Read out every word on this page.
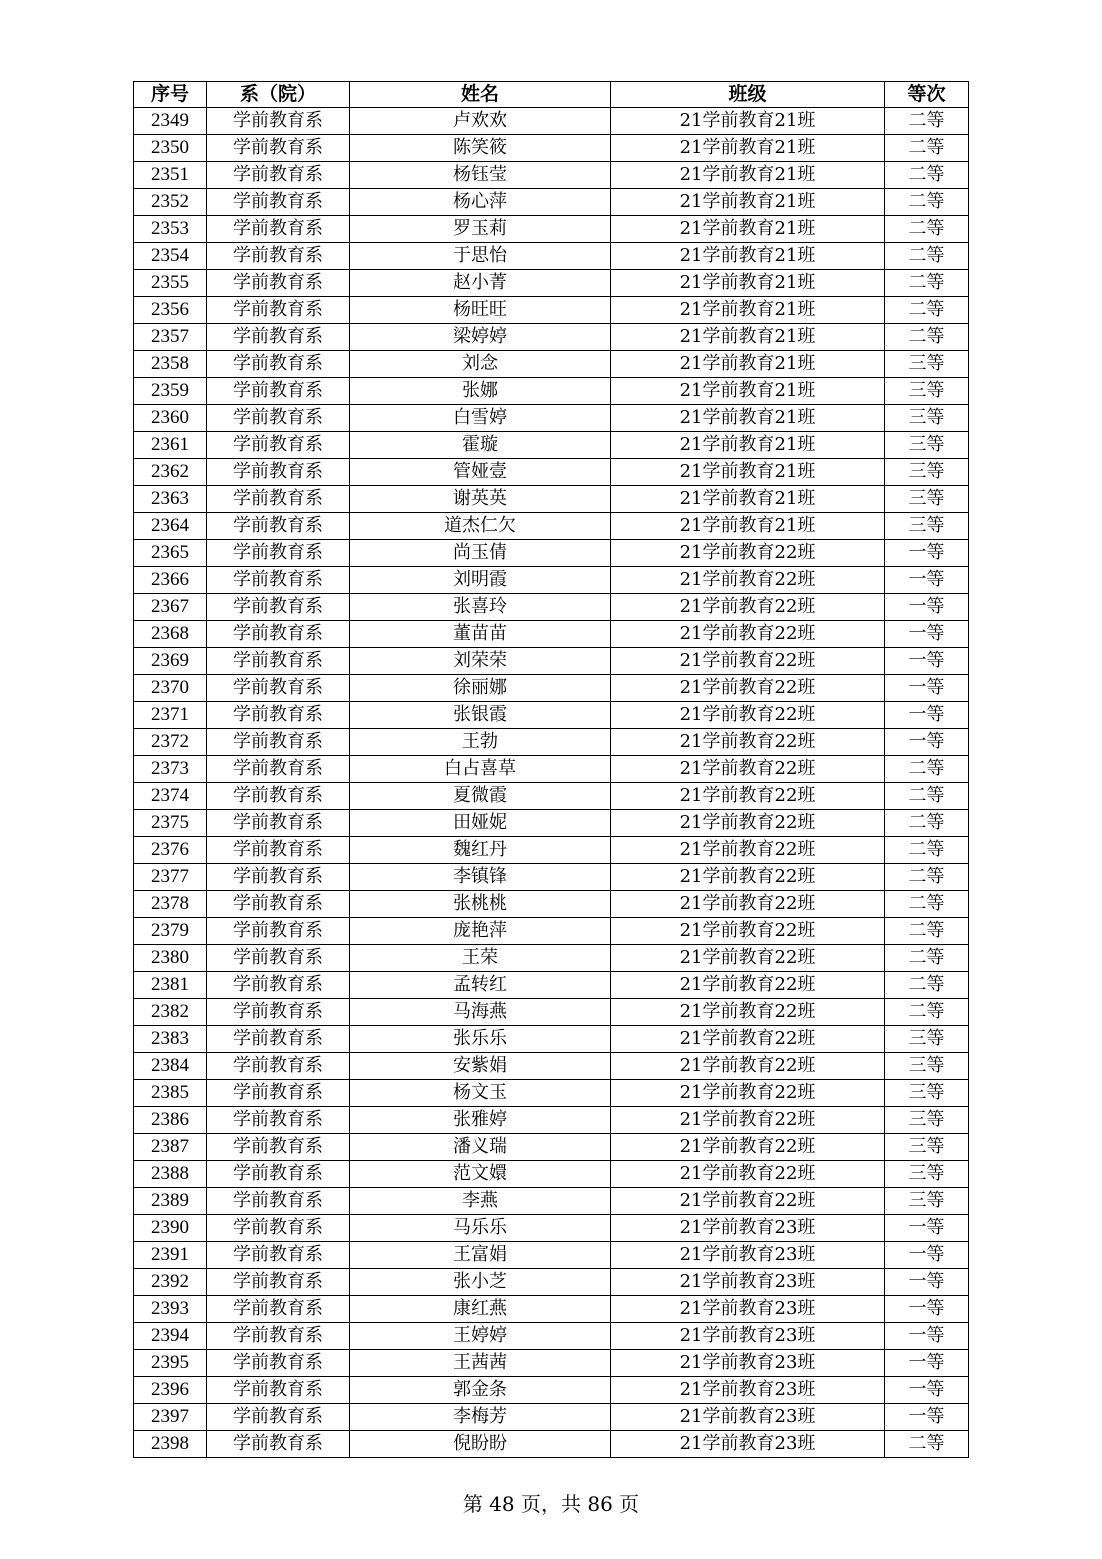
序号	系（院）	姓名	班级	等次
2349	学前教育系	卢欢欢	21学前教育21班	二等
2350	学前教育系	陈笑筱	21学前教育21班	二等
2351	学前教育系	杨钰莹	21学前教育21班	二等
2352	学前教育系	杨心萍	21学前教育21班	二等
2353	学前教育系	罗玉莉	21学前教育21班	二等
2354	学前教育系	于思怡	21学前教育21班	二等
2355	学前教育系	赵小菁	21学前教育21班	二等
2356	学前教育系	杨旺旺	21学前教育21班	二等
2357	学前教育系	梁婷婷	21学前教育21班	二等
2358	学前教育系	刘念	21学前教育21班	三等
2359	学前教育系	张娜	21学前教育21班	三等
2360	学前教育系	白雪婷	21学前教育21班	三等
2361	学前教育系	霍璇	21学前教育21班	三等
2362	学前教育系	管娅壹	21学前教育21班	三等
2363	学前教育系	谢英英	21学前教育21班	三等
2364	学前教育系	道杰仁欠	21学前教育21班	三等
2365	学前教育系	尚玉倩	21学前教育22班	一等
2366	学前教育系	刘明霞	21学前教育22班	一等
2367	学前教育系	张喜玲	21学前教育22班	一等
2368	学前教育系	董苗苗	21学前教育22班	一等
2369	学前教育系	刘荣荣	21学前教育22班	一等
2370	学前教育系	徐丽娜	21学前教育22班	一等
2371	学前教育系	张银霞	21学前教育22班	一等
2372	学前教育系	王勃	21学前教育22班	一等
2373	学前教育系	白占喜草	21学前教育22班	二等
2374	学前教育系	夏微霞	21学前教育22班	二等
2375	学前教育系	田娅妮	21学前教育22班	二等
2376	学前教育系	魏红丹	21学前教育22班	二等
2377	学前教育系	李镇锋	21学前教育22班	二等
2378	学前教育系	张桃桃	21学前教育22班	二等
2379	学前教育系	庞艳萍	21学前教育22班	二等
2380	学前教育系	王荣	21学前教育22班	二等
2381	学前教育系	孟转红	21学前教育22班	二等
2382	学前教育系	马海燕	21学前教育22班	二等
2383	学前教育系	张乐乐	21学前教育22班	三等
2384	学前教育系	安紫娟	21学前教育22班	三等
2385	学前教育系	杨文玉	21学前教育22班	三等
2386	学前教育系	张雅婷	21学前教育22班	三等
2387	学前教育系	潘义瑞	21学前教育22班	三等
2388	学前教育系	范文嬛	21学前教育22班	三等
2389	学前教育系	李燕	21学前教育22班	三等
2390	学前教育系	马乐乐	21学前教育23班	一等
2391	学前教育系	王富娟	21学前教育23班	一等
2392	学前教育系	张小芝	21学前教育23班	一等
2393	学前教育系	康红燕	21学前教育23班	一等
2394	学前教育系	王婷婷	21学前教育23班	一等
2395	学前教育系	王茜茜	21学前教育23班	一等
2396	学前教育系	郭金条	21学前教育23班	一等
2397	学前教育系	李梅芳	21学前教育23班	一等
2398	学前教育系	倪盼盼	21学前教育23班	二等
第 48 页，共 86 页
